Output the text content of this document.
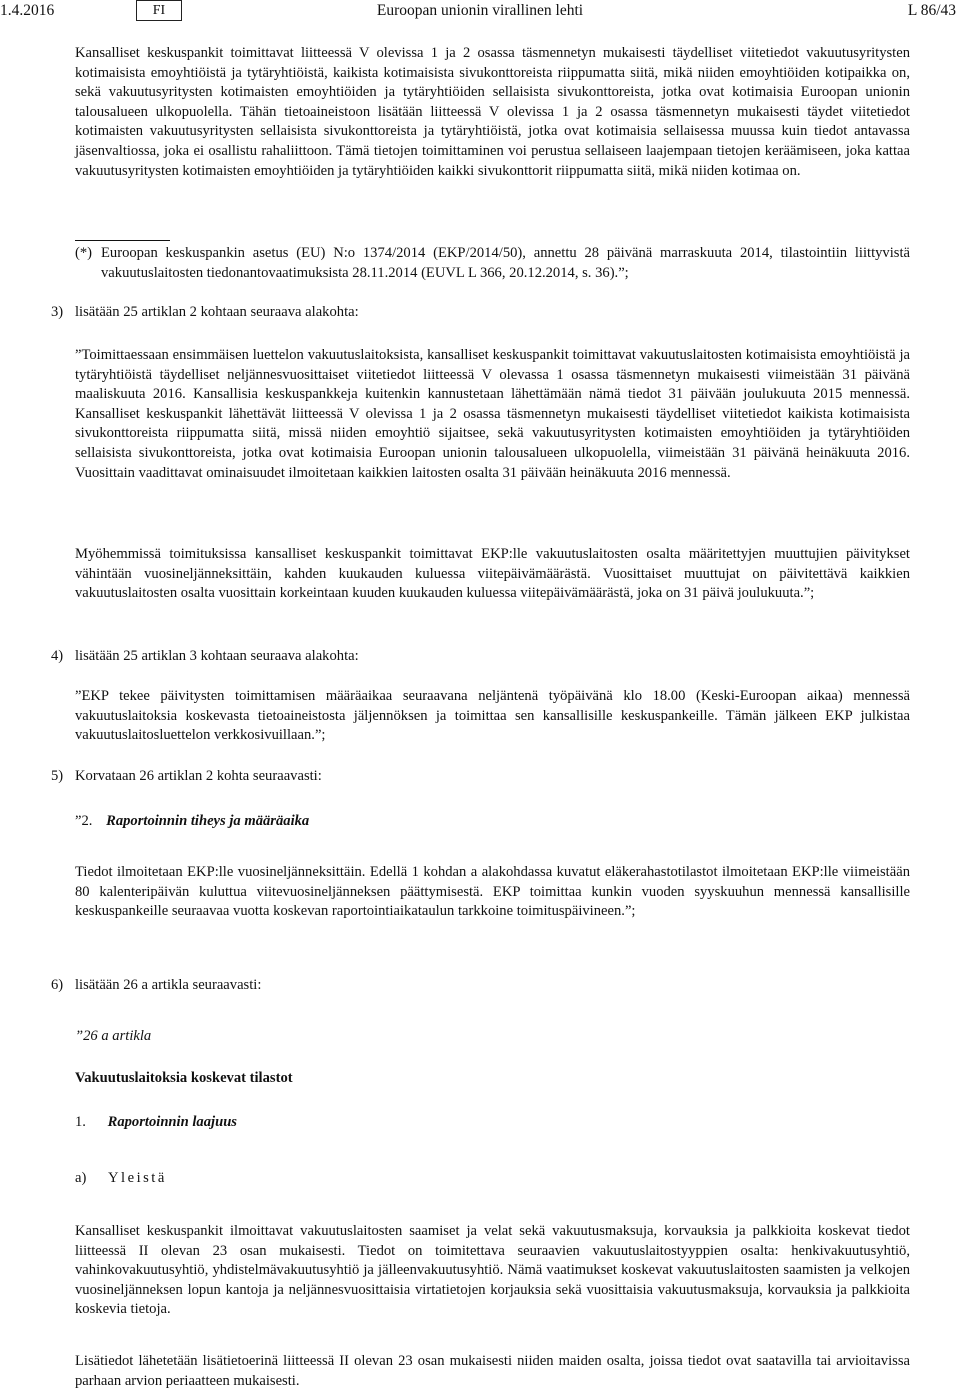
1.4.2016	FI	Euroopan unionin virallinen lehti	L 86/43

Kansalliset keskuspankit toimittavat liitteessä V olevissa 1 ja 2 osassa täsmennetyn mukaisesti täydelliset viitetiedot vakuutusyritysten kotimaisista emoyhtiöistä ja tytäryhtiöistä, kaikista kotimaisista sivukonttoreista riippumatta siitä, mikä niiden emoyhtiöiden kotipaikka on, sekä vakuutusyritysten kotimaisten emoyhtiöiden ja tytäryhtiöiden sellaisista sivukonttoreista, jotka ovat kotimaisia Euroopan unionin talousalueen ulkopuolella. Tähän tietoaineistoon lisätään liitteessä V olevissa 1 ja 2 osassa täsmennetyn mukaisesti täydet viitetiedot kotimaisten vakuutusyritysten sellaisista sivukonttoreista ja tytäryhtiöistä, jotka ovat kotimaisia sellaisessa muussa kuin tiedot antavassa jäsenvaltiossa, joka ei osallistu rahaliittoon. Tämä tietojen toimittaminen voi perustua sellaiseen laajempaan tietojen keräämiseen, joka kattaa vakuutusyritysten kotimaisten emoyhtiöiden ja tytäryhtiöiden kaikki sivukonttorit riippumatta siitä, mikä niiden kotimaa on.

(*) Euroopan keskuspankin asetus (EU) N:o 1374/2014 (EKP/2014/50), annettu 28 päivänä marraskuuta 2014, tilastointiin liittyvistä vakuutuslaitosten tiedonantovaatimuksista 28.11.2014 (EUVL L 366, 20.12.2014, s. 36).”;
3) lisätään 25 artiklan 2 kohtaan seuraava alakohta:

”Toimittaessaan ensimmäisen luettelon vakuutuslaitoksista, kansalliset keskuspankit toimittavat vakuutuslaitosten kotimaisista emoyhtiöistä ja tytäryhtiöistä täydelliset neljännesvuosittaiset viitetiedot liitteessä V olevassa 1 osassa täsmennetyn mukaisesti viimeistään 31 päivänä maaliskuuta 2016. Kansallisia keskuspankkeja kuitenkin kannustetaan lähettämään nämä tiedot 31 päivään joulukuuta 2015 mennessä. Kansalliset keskuspankit lähettävät liitteessä V olevissa 1 ja 2 osassa täsmennetyn mukaisesti täydelliset viitetiedot kaikista kotimaisista sivukonttoreista riippumatta siitä, missä niiden emoyhtiö sijaitsee, sekä vakuutusyritysten kotimaisten emoyhtiöiden ja tytäryhtiöiden sellaisista sivukonttoreista, jotka ovat kotimaisia Euroopan unionin talousalueen ulkopuolella, viimeistään 31 päivänä heinäkuuta 2016. Vuosittain vaadittavat ominaisuudet ilmoitetaan kaikkien laitosten osalta 31 päivään heinäkuuta 2016 mennessä.

Myöhemmissä toimituksissa kansalliset keskuspankit toimittavat EKP:lle vakuutuslaitosten osalta määritettyjen muuttujien päivitykset vähintään vuosineljänneksittäin, kahden kuukauden kuluessa viitepäivämäärästä. Vuosittaiset muuttujat on päivitettävä kaikkien vakuutuslaitosten osalta vuosittain korkeintaan kuuden kuukauden kuluessa viitepäivämäärästä, joka on 31 päivä joulukuuta.”;

4) lisätään 25 artiklan 3 kohtaan seuraava alakohta:

”EKP tekee päivitysten toimittamisen määräaikaa seuraavana neljäntenä työpäivänä klo 18.00 (Keski-Euroopan aikaa) mennessä vakuutuslaitoksia koskevasta tietoaineistosta jäljennöksen ja toimittaa sen kansallisille keskuspankeille. Tämän jälkeen EKP julkistaa vakuutuslaitosluettelon verkkosivuillaan.”;

5) Korvataan 26 artiklan 2 kohta seuraavasti:

”2. Raportoinnin tiheys ja määräaika

Tiedot ilmoitetaan EKP:lle vuosineljänneksittäin. Edellä 1 kohdan a alakohdassa kuvatut eläkerahastotilastot ilmoitetaan EKP:lle viimeistään 80 kalenteripäivän kuluttua viitevuosineljänneksen päättymisestä. EKP toimittaa kunkin vuoden syyskuuhun mennessä kansallisille keskuspankeille seuraavaa vuotta koskevan raportointiaikataulun tarkkoine toimituspäivineen.”;

6) lisätään 26 a artikla seuraavasti:

”26 a artikla

Vakuutuslaitoksia koskevat tilastot

1. Raportoinnin laajuus
a) Yleistä

Kansalliset keskuspankit ilmoittavat vakuutuslaitosten saamiset ja velat sekä vakuutusmaksuja, korvauksia ja palkkioita koskevat tiedot liitteessä II olevan 23 osan mukaisesti. Tiedot on toimitettava seuraavien vakuutuslaitostyyppien osalta: henkivakuutusyhtiö, vahinkovakuutusyhtiö, yhdistelmävakuutusyhtiö ja jälleenvakuutusyhtiö. Nämä vaatimukset koskevat vakuutuslaitosten saamisten ja velkojen vuosineljänneksen lopun kantoja ja neljännesvuosittaisia virtatietojen korjauksia sekä vuosittaisia vakuutusmaksuja, korvauksia ja palkkioita koskevia tietoja.

Lisätiedot lähetetään lisätietoerinä liitteessä II olevan 23 osan mukaisesti niiden maiden osalta, joissa tiedot ovat saatavilla tai arvioitavissa parhaan arvion periaatteen mukaisesti.
